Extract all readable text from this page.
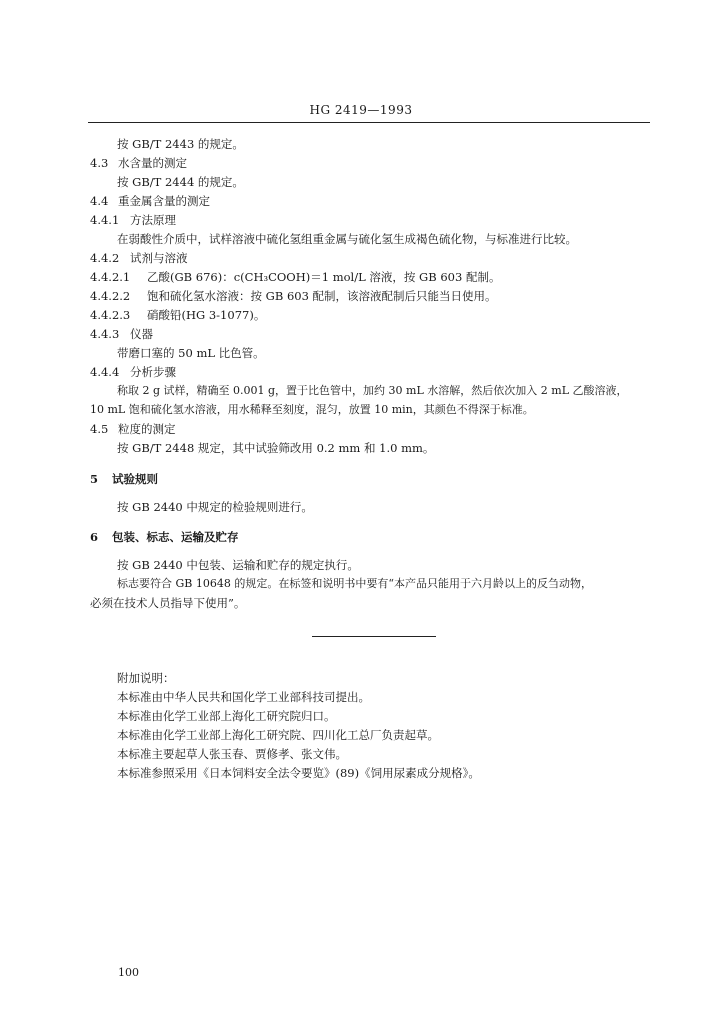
HG 2419—1993
按 GB/T 2443 的规定。
4.3 水含量的测定
按 GB/T 2444 的规定。
4.4 重金属含量的测定
4.4.1 方法原理
在弱酸性介质中，试样溶液中硫化氢组重金属与硫化氢生成褐色硫化物，与标准进行比较。
4.4.2 试剂与溶液
4.4.2.1 乙酸(GB 676)：c(CH₃COOH)＝1 mol/L 溶液，按 GB 603 配制。
4.4.2.2 饱和硫化氢水溶液：按 GB 603 配制，该溶液配制后只能当日使用。
4.4.2.3 硝酸铅(HG 3-1077)。
4.4.3 仪器
带磨口塞的 50 mL 比色管。
4.4.4 分析步骤
称取 2 g 试样，精确至 0.001 g，置于比色管中，加约 30 mL 水溶解，然后依次加入 2 mL 乙酸溶液，
10 mL 饱和硫化氢水溶液，用水稀释至刻度，混匀，放置 10 min，其颜色不得深于标准。
4.5 粒度的测定
按 GB/T 2448 规定，其中试验筛改用 0.2 mm 和 1.0 mm。
5 试验规则
按 GB 2440 中规定的检验规则进行。
6 包装、标志、运输及贮存
按 GB 2440 中包装、运输和贮存的规定执行。
标志要符合 GB 10648 的规定。在标签和说明书中要有“本产品只能用于六月龄以上的反刍动物，
必须在技术人员指导下使用”。
附加说明：
本标准由中华人民共和国化学工业部科技司提出。
本标准由化学工业部上海化工研究院归口。
本标准由化学工业部上海化工研究院、四川化工总厂负责起草。
本标准主要起草人张玉春、贾修孝、张文伟。
本标准参照采用《日本饲料安全法令要览》(89)《饲用尿素成分规格》。
100
